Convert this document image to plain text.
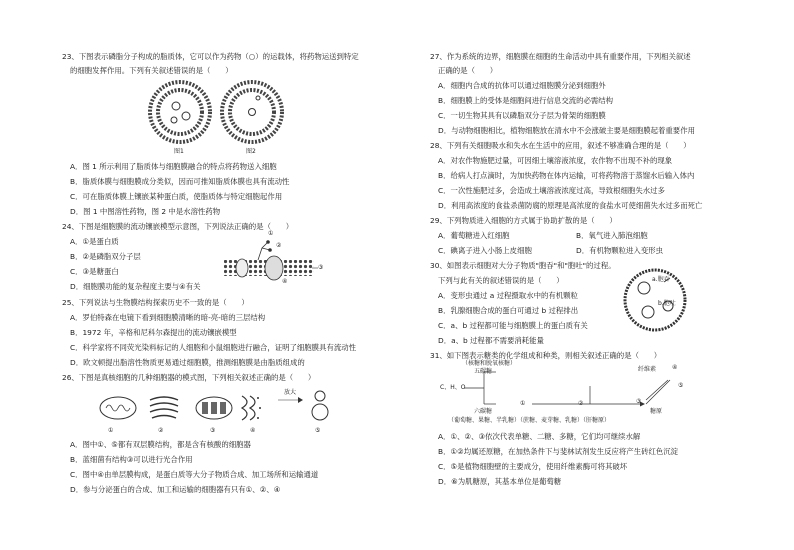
23、下图表示磷脂分子构成的脂质体，它可以作为药物（○）的运载体，将药物运送到特定
的细胞发挥作用。下列有关叙述错误的是（　　）
图1	图2
A．图 1 所示利用了脂质体与细胞膜融合的特点将药物送入细胞
B．脂质体膜与细胞膜成分类似，因而可推知脂质体膜也具有流动性
C．可在脂质体膜上镶嵌某种蛋白质，使脂质体与特定细胞起作用
D．图 1 中图溶性药物，图 2 中是水溶性药物
24、下图是细胞膜的流动镶嵌模型示意图，下列说法正确的是（　　）
A．①是蛋白质
B．②是磷脂双分子层
C．③是糖蛋白
D．细胞膜功能的复杂程度主要与④有关
①
②
③
④
25、下列说法与生物膜结构探索历史不一致的是（　　）
A．罗伯特森在电镜下看到细胞膜清晰的暗-亮-暗的三层结构
B．1972 年，辛格和尼科尔森提出的流动镶嵌模型
C．科学家将不同荧光染料标记的人细胞和小鼠细胞进行融合，证明了细胞膜具有流动性
D．欧文顿提出脂溶性物质更易通过细胞膜，推测细胞膜是由脂质组成的
26、下图是真核细胞的几种细胞器的模式图，下列相关叙述正确的是（　　）
①	②	③	④	⑤
放大
A．图中①、⑤都有双层膜结构，都是含有核酸的细胞器
B．蓝细菌有结构③可以进行光合作用
C．图中④由单层膜构成，是蛋白质等大分子物质合成、加工场所和运输通道
D．参与分泌蛋白的合成、加工和运输的细胞器有只有①、②、④
27、作为系统的边界，细胞膜在细胞的生命活动中具有重要作用，下列相关叙述
正确的是（　　）
A．细胞内合成的抗体可以通过细胞膜分泌到细胞外
B．细胞膜上的受体是细胞间进行信息交流的必需结构
C．一切生物其具有以磷脂双分子层为骨架的细胞膜
D．与动物细胞相比，植物细胞放在清水中不会涨破主要是细胞膜起着重要作用
28、下列有关细胞吸水和失水在生活中的应用，叙述不够准确合理的是（　　）
A．对农作物施肥过量，可因细土壤溶液浓度，农作物不出现不补的现象
B．给病人打点滴时，为加快药物在体内运输，可将药物溶于蒸馏水后输入体内
C．一次性施肥过多，会造成土壤溶液浓度过高，导致根细胞失水过多
D．利用高浓度的食盐杀菌防腐的原理是高浓度的食盐水可使细菌失水过多而死亡
29、下列物质进入细胞的方式属于协助扩散的是（　　）
A．葡萄糖进入红细胞	B．氧气进入肺泡细胞
C．碘离子进入小肠上皮细胞	D．有机物颗粒进入变形虫
30、如图表示细胞对大分子物质"胞吞"和"胞吐"的过程。
下列与此有关的叙述错误的是（　　）
A．变形虫通过 a 过程摄取水中的有机颗粒
B．乳腺细胞合成的蛋白可通过 b 过程排出
C．a、b 过程都可能与细胞膜上的蛋白质有关
D．a、b 过程都不需要消耗能量
a.胞吞
b.胞吐
31、如下图表示糖类的化学组成和种类，则相关叙述正确的是（　　）
（核糖和脱氧核糖）
五碳糖
C、H、O
六碳糖
（葡萄糖、果糖、半乳糖）（蔗糖、麦芽糖、乳糖）（肝糖原）
纤维素
糖原
①	②	③
④
⑤
A．①、②、③依次代表单糖、二糖、多糖，它们均可继续水解
B．①②均属还原糖，在加热条件下与斐林试剂发生反应将产生砖红色沉淀
C．⑤是植物细胞壁的主要成分，使用纤维素酶可将其破坏
D．⑥为肌糖原，其基本单位是葡萄糖
